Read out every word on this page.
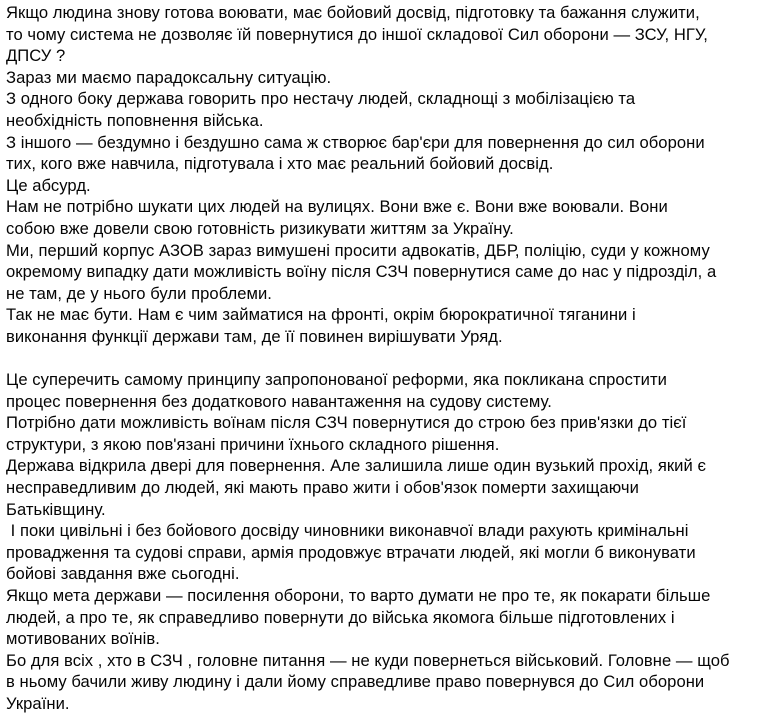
Якщо людина знову готова воювати, має бойовий досвід, підготовку та бажання служити,

то чому система не дозволяє їй повернутися до іншої складової Сил оборони — ЗСУ, НГУ,

ДПСУ ?

Зараз ми маємо парадоксальну ситуацію.

З одного боку держава говорить про нестачу людей, складнощі з мобілізацією та

необхідність поповнення війська.

З іншого — бездумно і бездушно сама ж створює бар'єри для повернення до сил оборони

тих, кого вже навчила, підготувала і хто має реальний бойовий досвід.

Це абсурд.

Нам не потрібно шукати цих людей на вулицях. Вони вже є. Вони вже воювали. Вони

собою вже довели свою готовність ризикувати життям за Україну.

Ми, перший корпус АЗОВ зараз вимушені просити адвокатів, ДБР, поліцію, суди у кожному

окремому випадку дати можливість воїну після СЗЧ повернутися саме до нас у підрозділ, а

не там, де у нього були проблеми.

Так не має бути. Нам є чим займатися на фронті, окрім бюрократичної тяганини і

виконання функції держави там, де її повинен вирішувати Уряд.

Це суперечить самому принципу запропонованої реформи, яка покликана спростити

процес повернення без додаткового навантаження на судову систему.

Потрібно дати можливість воїнам після СЗЧ повернутися до строю без прив'язки до тієї

структури, з якою пов'язані причини їхнього складного рішення.

Держава відкрила двері для повернення. Але залишила лише один вузький прохід, який є

несправедливим до людей, які мають право жити і обов'язок померти захищаючи

Батьківщину.

І поки цивільні і без бойового досвіду чиновники виконавчої влади рахують кримінальні

провадження та судові справи, армія продовжує втрачати людей, які могли б виконувати

бойові завдання вже сьогодні.

Якщо мета держави — посилення оборони, то варто думати не про те, як покарати більше

людей, а про те, як справедливо повернути до війська якомога більше підготовлених і

мотивованих воїнів.

Бо для всіх , хто в СЗЧ , головне питання — не куди повернеться військовий. Головне — щоб

в ньому бачили живу людину і дали йому справедливе право повернувся до Сил оборони

України.
